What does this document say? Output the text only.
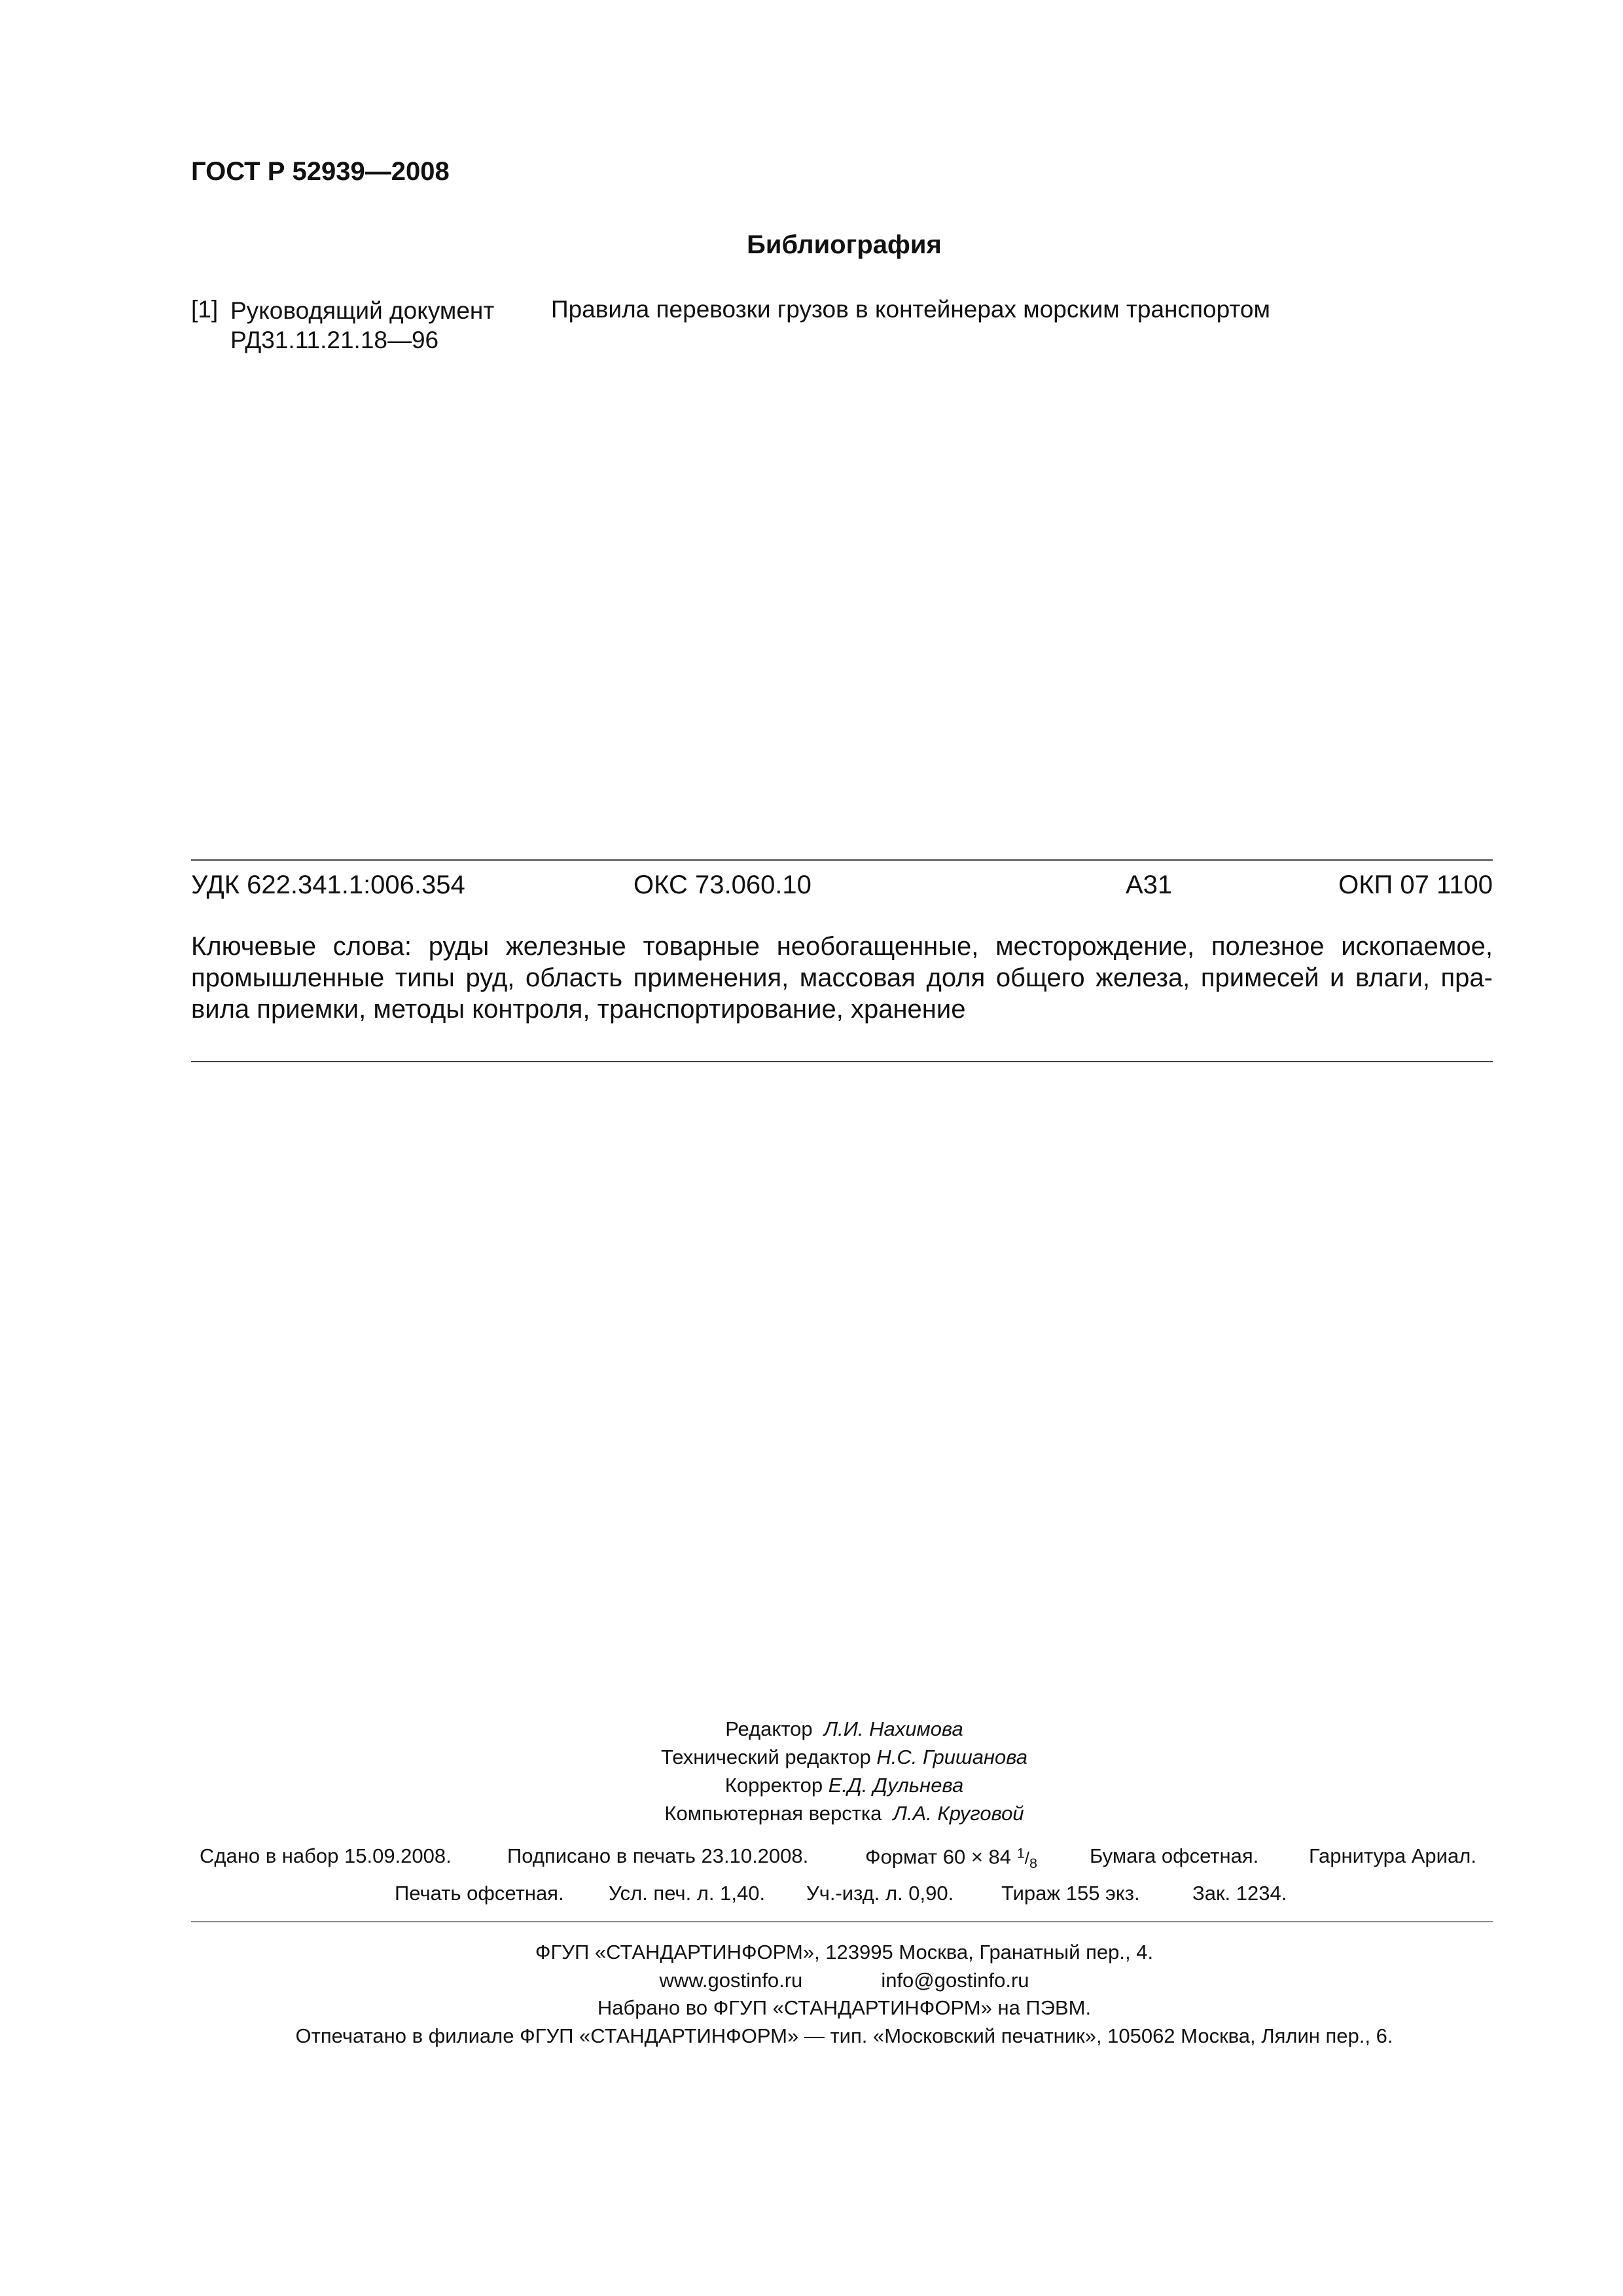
ГОСТ Р 52939—2008
Библиография
[1] Руководящий документ
РД31.11.21.18—96
Правила перевозки грузов в контейнерах морским транспортом
УДК 622.341.1:006.354	ОКС 73.060.10	А31	ОКП 07 1100
Ключевые слова: руды железные товарные необогащенные, месторождение, полезное ископаемое,
промышленные типы руд, область применения, массовая доля общего железа, примесей и влаги, пра-
вила приемки, методы контроля, транспортирование, хранение
Редактор Л.И. Нахимова
Технический редактор Н.С. Гришанова
Корректор Е.Д. Дульнева
Компьютерная верстка Л.А. Круговой
Сдано в набор 15.09.2008.	Подписано в печать 23.10.2008.	Формат 60 × 84 $^1/_8$	Бумага офсетная. Гарнитура Ариал.
Печать офсетная. Усл. печ. л. 1,40. Уч.-изд. л. 0,90. Тираж 155 экз.	Зак. 1234.
ФГУП «СТАНДАРТИНФОРМ», 123995 Москва, Гранатный пер., 4.
www.gostinfo.ru	info@gostinfo.ru
Набрано во ФГУП «СТАНДАРТИНФОРМ» на ПЭВМ.
Отпечатано в филиале ФГУП «СТАНДАРТИНФОРМ» — тип. «Московский печатник», 105062 Москва, Лялин пер., 6.
